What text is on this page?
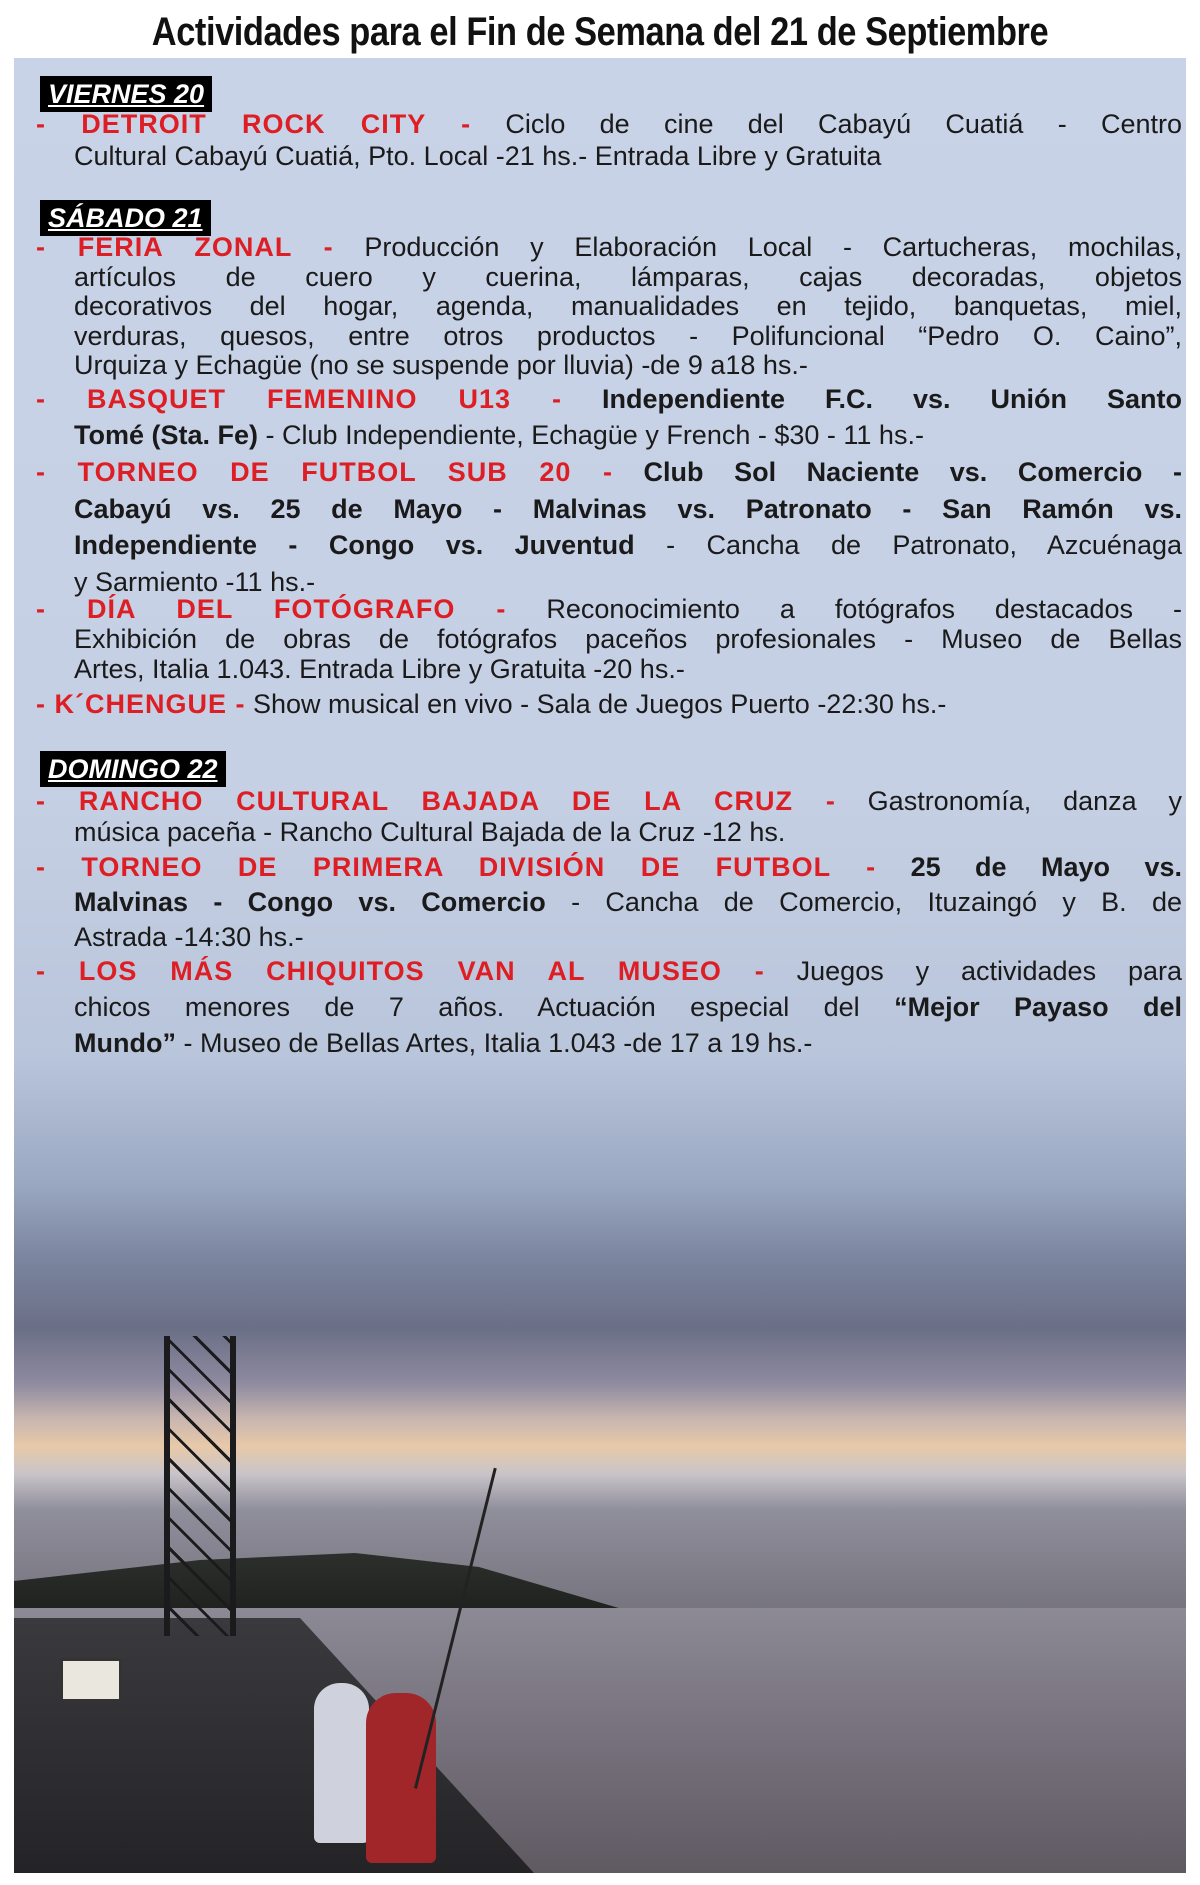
Actividades para el Fin de Semana del 21 de Septiembre
VIERNES 20

- DETROIT ROCK CITY - Ciclo de cine del Cabayú Cuatiá - Centro

Cultural Cabayú Cuatiá, Pto. Local -21 hs.- Entrada Libre y Gratuita

SÁBADO 21

- FERIA ZONAL - Producción y Elaboración Local - Cartucheras, mochilas,

artículos de cuero y cuerina, lámparas, cajas decoradas, objetos

decorativos del hogar, agenda, manualidades en tejido, banquetas, miel,

verduras, quesos, entre otros productos - Polifuncional “Pedro O. Caino”,

Urquiza y Echagüe (no se suspende por lluvia) -de 9 a18 hs.-

- BASQUET FEMENINO U13 - Independiente F.C. vs. Unión Santo

Tomé (Sta. Fe) - Club Independiente, Echagüe y French - $30 - 11 hs.-

- TORNEO DE FUTBOL SUB 20 - Club Sol Naciente vs. Comercio -

Cabayú vs. 25 de Mayo - Malvinas vs. Patronato - San Ramón vs.

Independiente - Congo vs. Juventud - Cancha de Patronato, Azcuénaga

y Sarmiento -11 hs.-

- DÍA DEL FOTÓGRAFO - Reconocimiento a fotógrafos destacados -

Exhibición de obras de fotógrafos paceños profesionales - Museo de Bellas

Artes, Italia 1.043. Entrada Libre y Gratuita -20 hs.-

- K´CHENGUE - Show musical en vivo - Sala de Juegos Puerto -22:30 hs.-

DOMINGO 22

- RANCHO CULTURAL BAJADA DE LA CRUZ - Gastronomía, danza y

música paceña - Rancho Cultural Bajada de la Cruz -12 hs.

- TORNEO DE PRIMERA DIVISIÓN DE FUTBOL - 25 de Mayo vs.

Malvinas - Congo vs. Comercio - Cancha de Comercio, Ituzaingó y B. de

Astrada -14:30 hs.-

- LOS MÁS CHIQUITOS VAN AL MUSEO - Juegos y actividades para

chicos menores de 7 años. Actuación especial del “Mejor Payaso del

Mundo” - Museo de Bellas Artes, Italia 1.043 -de 17 a 19 hs.-
